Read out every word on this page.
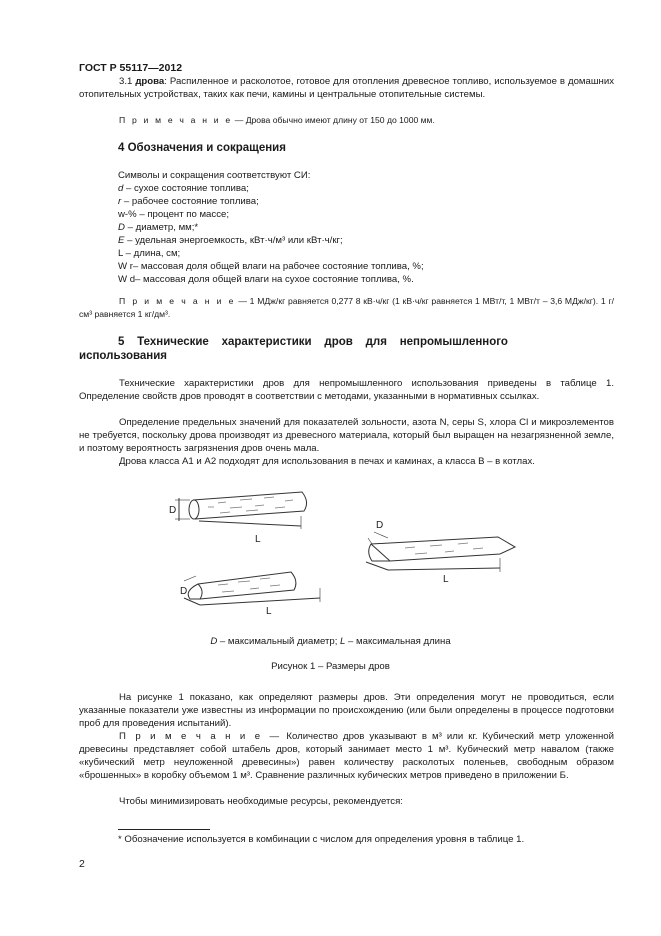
ГОСТ Р 55117—2012

3.1 дрова: Распиленное и расколотое, готовое для отопления древесное топливо, используемое в домашних отопительных устройствах, таких как печи, камины и центральные отопительные системы.

П р и м е ч а н и е — Дрова обычно имеют длину от 150 до 1000 мм.

4 Обозначения и сокращения
Символы и сокращения соответствуют СИ:
d – сухое состояние топлива;
r – рабочее состояние топлива;
w-% – процент по массе;
D – диаметр, мм;*
E – удельная энергоемкость, кВт·ч/м³ или кВт·ч/кг;
L – длина, см;
W r– массовая доля общей влаги на рабочее состояние топлива, %;
W d– массовая доля общей влаги на сухое состояние топлива, %.

П р и м е ч а н и е — 1 МДж/кг равняется 0,277 8 кВ·ч/кг (1 кВ·ч/кг равняется 1 МВт/т, 1 МВт/т – 3,6 МДж/кг). 1 г/см³ равняется 1 кг/дм³.

5    Технические    характеристики    дров    для    непромышленного
использования

Технические характеристики дров для непромышленного использования приведены в таблице 1. Определение свойств дров проводят в соответствии с методами, указанными в нормативных ссылках.

Определение предельных значений для показателей зольности, азота N, серы S, хлора Cl и микроэлементов не требуется, поскольку дрова производят из древесного материала, который был выращен на незагрязненной земле, и поэтому вероятность загрязнения дров очень мала.

Дрова класса А1 и А2 подходят для использования в печах и каминах, а класса В – в котлах.

D
L
D
L
D
L
D – максимальный диаметр; L – максимальная длина
Рисунок 1 – Размеры дров

На рисунке 1 показано, как определяют размеры дров. Эти определения могут не проводиться, если указанные показатели уже известны из информации по происхождению (или были определены в процессе подготовки проб для проведения испытаний).

П р и м е ч а н и е — Количество дров указывают в м³ или кг. Кубический метр уложенной древесины представляет собой штабель дров, который занимает место 1 м³. Кубический метр навалом (также «кубический метр неуложенной древесины») равен количеству расколотых поленьев, свободным образом «брошенных» в коробку объемом 1 м³. Сравнение различных кубических метров приведено в приложении Б.

Чтобы минимизировать необходимые ресурсы, рекомендуется:

* Обозначение используется в комбинации с числом для определения уровня в таблице 1.

2
